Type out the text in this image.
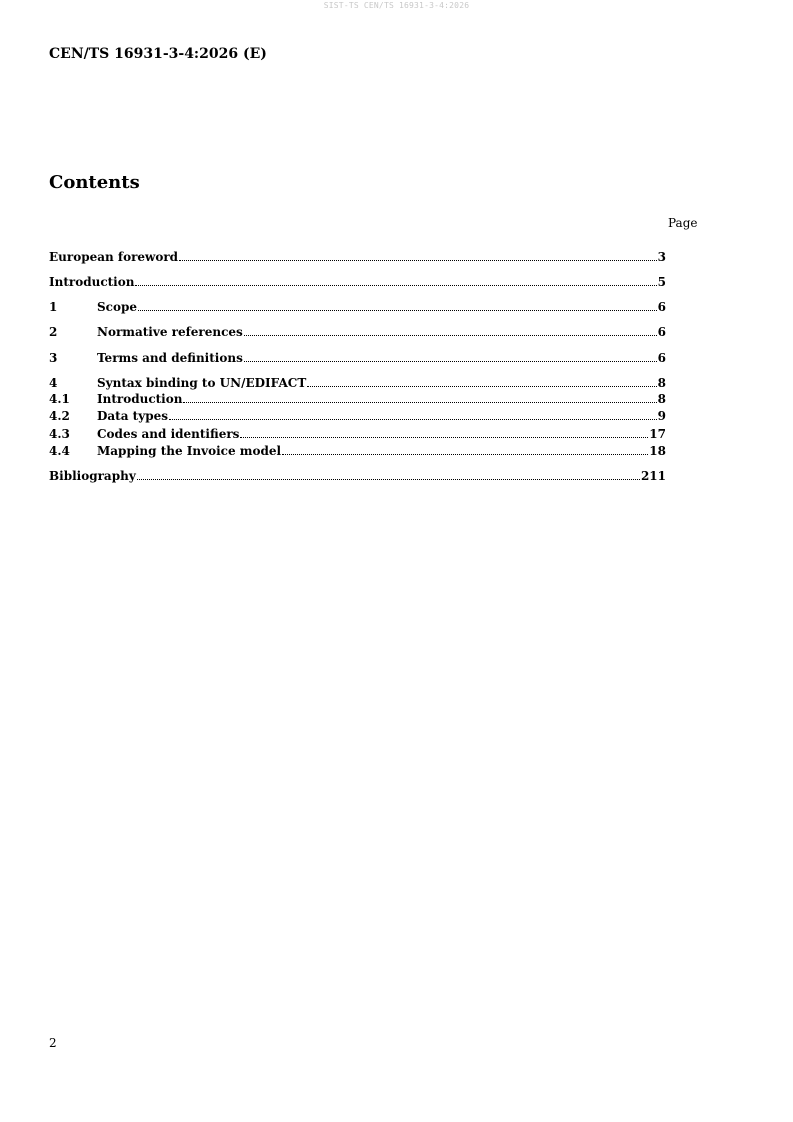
SIST-TS CEN/TS 16931-3-4:2026
CEN/TS 16931-3-4:2026 (E)
Contents
Page
European foreword	3
Introduction	5
1	Scope	6
2	Normative references	6
3	Terms and definitions	6
4	Syntax binding to UN/EDIFACT	8
4.1	Introduction	8
4.2	Data types	9
4.3	Codes and identifiers	17
4.4	Mapping the Invoice model	18
Bibliography	211
2
